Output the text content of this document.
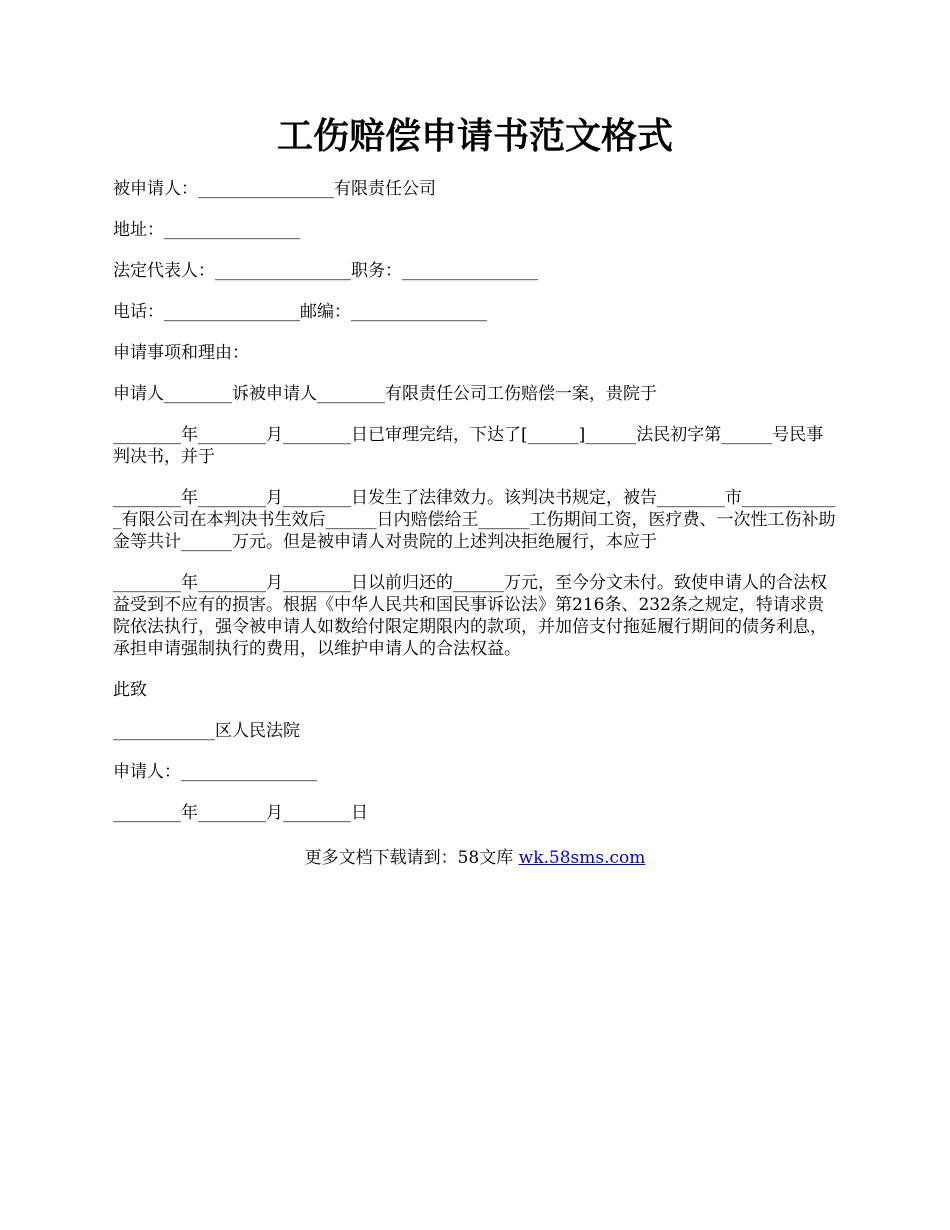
工伤赔偿申请书范文格式

被申请人：________________有限责任公司

地址：________________

法定代表人：________________职务：________________

电话：________________邮编：________________

申请事项和理由：

申请人________诉被申请人________有限责任公司工伤赔偿一案，贵院于

________年________月________日已审理完结，下达了[______]______法民初字第______号民事判决书，并于

________年________月________日发生了法律效力。该判决书规定，被告________市____________有限公司在本判决书生效后______日内赔偿给王______工伤期间工资，医疗费、一次性工伤补助金等共计______万元。但是被申请人对贵院的上述判决拒绝履行，本应于

________年________月________日以前归还的______万元，至今分文未付。致使申请人的合法权益受到不应有的损害。根据《中华人民共和国民事诉讼法》第216条、232条之规定，特请求贵院依法执行，强令被申请人如数给付限定期限内的款项，并加倍支付拖延履行期间的债务利息，承担申请强制执行的费用，以维护申请人的合法权益。

此致

____________区人民法院

申请人：________________

________年________月________日

更多文档下载请到：58文库 wk.58sms.com
